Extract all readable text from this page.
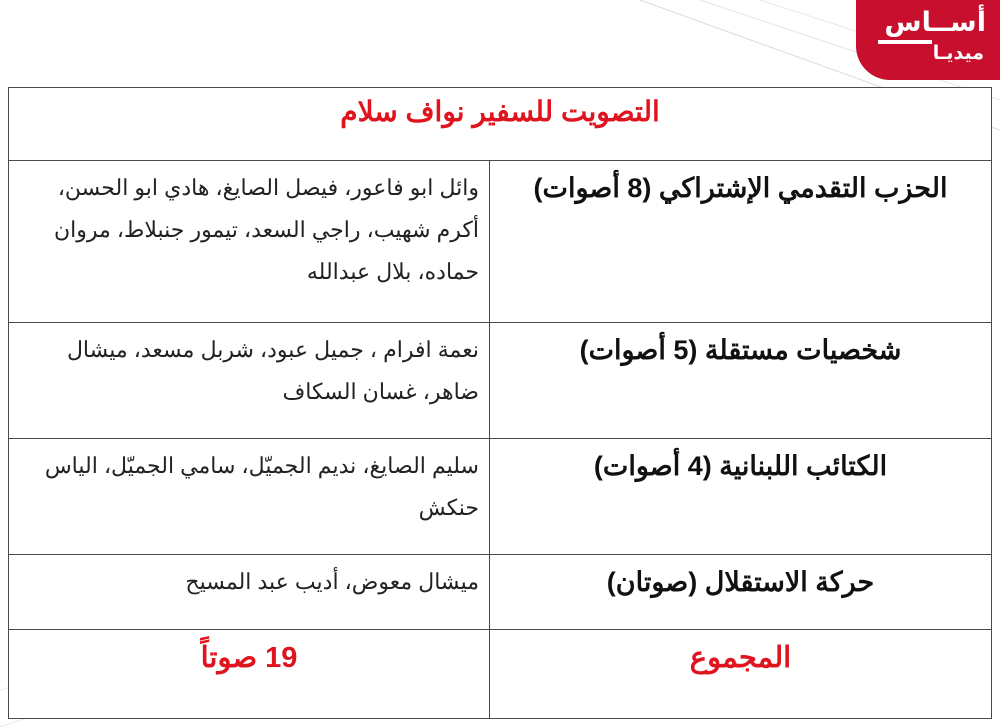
أســاس
ميديـا
التصويت للسفير نواف سلام	
وائل ابو فاعور، فيصل الصايغ، هادي ابو الحسن، أكرم شهيب، راجي السعد، تيمور جنبلاط، مروان حماده، بلال عبدالله	الحزب التقدمي الإشتراكي (8 أصوات)
نعمة افرام ، جميل عبود، شربل مسعد، ميشال ضاهر، غسان السكاف	شخصيات مستقلة (5 أصوات)
سليم الصايغ، نديم الجميّل، سامي الجميّل، الياس حنكش	الكتائب اللبنانية (4 أصوات)
ميشال معوض، أديب عبد المسيح	حركة الاستقلال (صوتان)
19 صوتاً	المجموع
